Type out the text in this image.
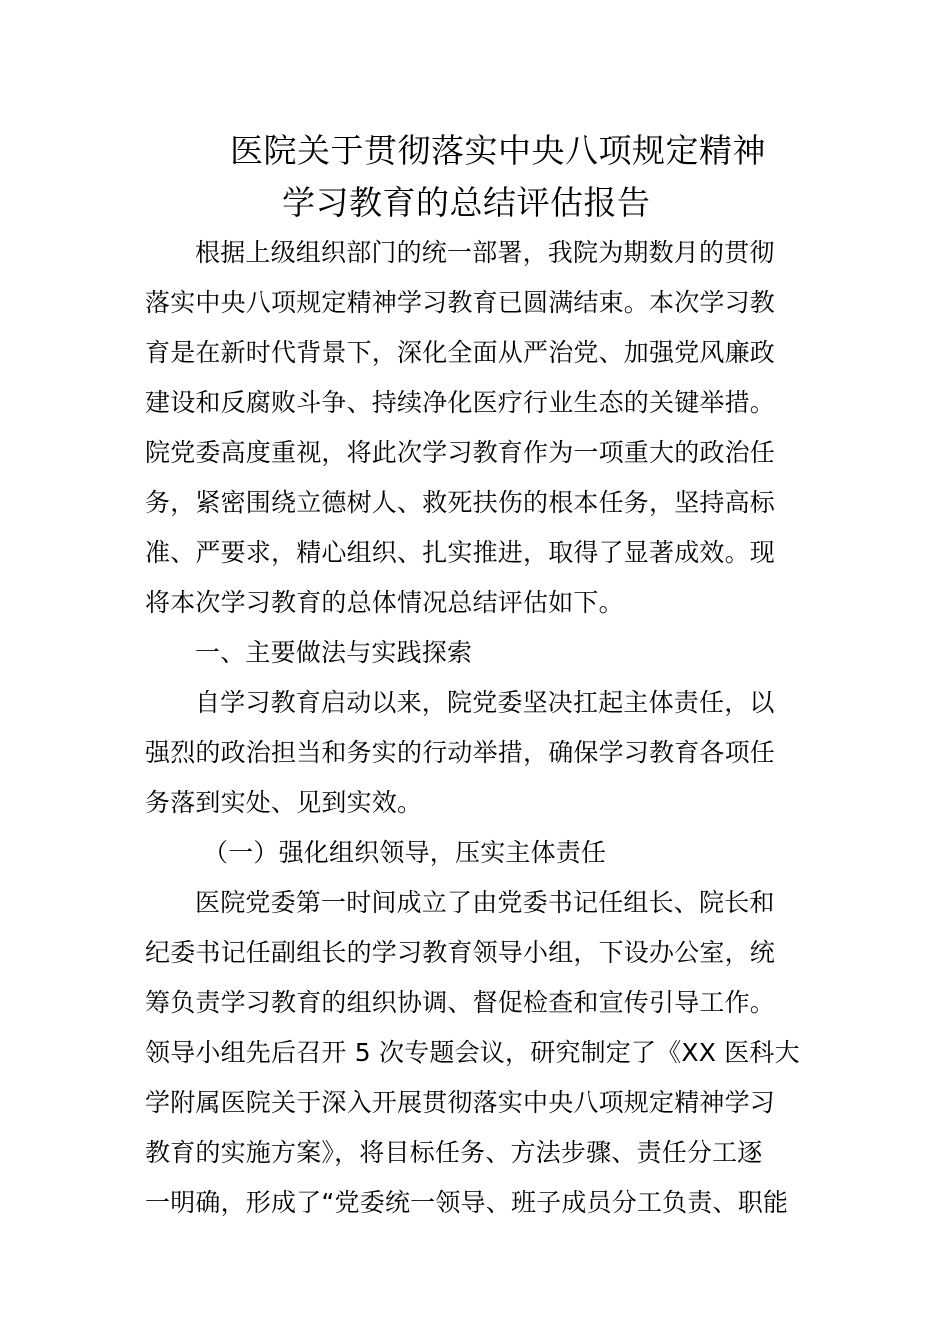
医院关于贯彻落实中央八项规定精神
学习教育的总结评估报告
根据上级组织部门的统一部署，我院为期数月的贯彻
落实中央八项规定精神学习教育已圆满结束。本次学习教
育是在新时代背景下，深化全面从严治党、加强党风廉政
建设和反腐败斗争、持续净化医疗行业生态的关键举措。
院党委高度重视，将此次学习教育作为一项重大的政治任
务，紧密围绕立德树人、救死扶伤的根本任务，坚持高标
准、严要求，精心组织、扎实推进，取得了显著成效。现
将本次学习教育的总体情况总结评估如下。
一、主要做法与实践探索
自学习教育启动以来，院党委坚决扛起主体责任，以
强烈的政治担当和务实的行动举措，确保学习教育各项任
务落到实处、见到实效。
（一）强化组织领导，压实主体责任
医院党委第一时间成立了由党委书记任组长、院长和
纪委书记任副组长的学习教育领导小组，下设办公室，统
筹负责学习教育的组织协调、督促检查和宣传引导工作。
领导小组先后召开 5 次专题会议，研究制定了《XX 医科大
学附属医院关于深入开展贯彻落实中央八项规定精神学习
教育的实施方案》，将目标任务、方法步骤、责任分工逐
一明确，形成了“党委统一领导、班子成员分工负责、职能
